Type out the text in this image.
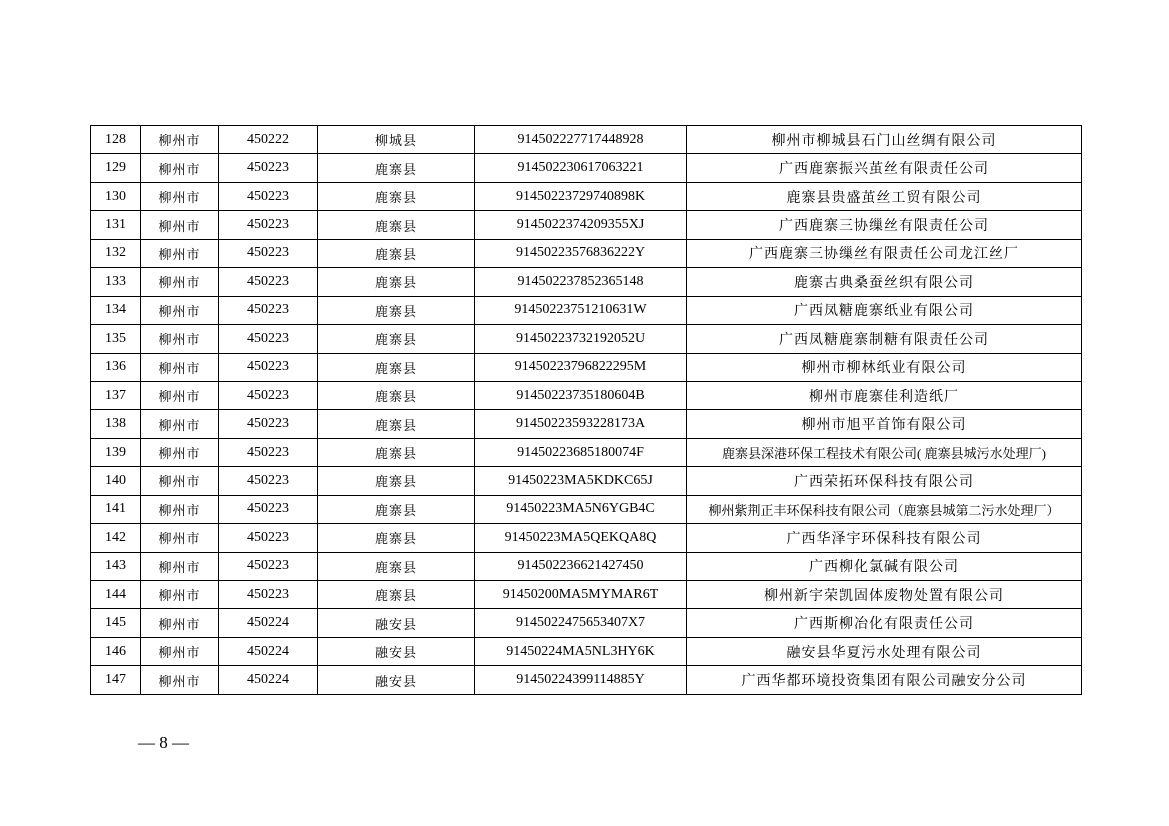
128	柳州市	450222	柳城县	914502227717448928	柳州市柳城县石门山丝绸有限公司
129	柳州市	450223	鹿寨县	914502230617063221	广西鹿寨振兴茧丝有限责任公司
130	柳州市	450223	鹿寨县	91450223729740898K	鹿寨县贵盛茧丝工贸有限公司
131	柳州市	450223	鹿寨县	9145022374209355XJ	广西鹿寨三协缫丝有限责任公司
132	柳州市	450223	鹿寨县	91450223576836222Y	广西鹿寨三协缫丝有限责任公司龙江丝厂
133	柳州市	450223	鹿寨县	914502237852365148	鹿寨古典桑蚕丝织有限公司
134	柳州市	450223	鹿寨县	91450223751210631W	广西凤糖鹿寨纸业有限公司
135	柳州市	450223	鹿寨县	91450223732192052U	广西凤糖鹿寨制糖有限责任公司
136	柳州市	450223	鹿寨县	91450223796822295M	柳州市柳林纸业有限公司
137	柳州市	450223	鹿寨县	91450223735180604B	柳州市鹿寨佳利造纸厂
138	柳州市	450223	鹿寨县	91450223593228173A	柳州市旭平首饰有限公司
139	柳州市	450223	鹿寨县	91450223685180074F	鹿寨县深港环保工程技术有限公司( 鹿寨县城污水处理厂)
140	柳州市	450223	鹿寨县	91450223MA5KDKC65J	广西荣拓环保科技有限公司
141	柳州市	450223	鹿寨县	91450223MA5N6YGB4C	柳州紫荆正丰环保科技有限公司（鹿寨县城第二污水处理厂）
142	柳州市	450223	鹿寨县	91450223MA5QEKQA8Q	广西华泽宇环保科技有限公司
143	柳州市	450223	鹿寨县	914502236621427450	广西柳化氯碱有限公司
144	柳州市	450223	鹿寨县	91450200MA5MYMAR6T	柳州新宇荣凯固体废物处置有限公司
145	柳州市	450224	融安县	9145022475653407X7	广西斯柳冶化有限责任公司
146	柳州市	450224	融安县	91450224MA5NL3HY6K	融安县华夏污水处理有限公司
147	柳州市	450224	融安县	91450224399114885Y	广西华都环境投资集团有限公司融安分公司
— 8 —
